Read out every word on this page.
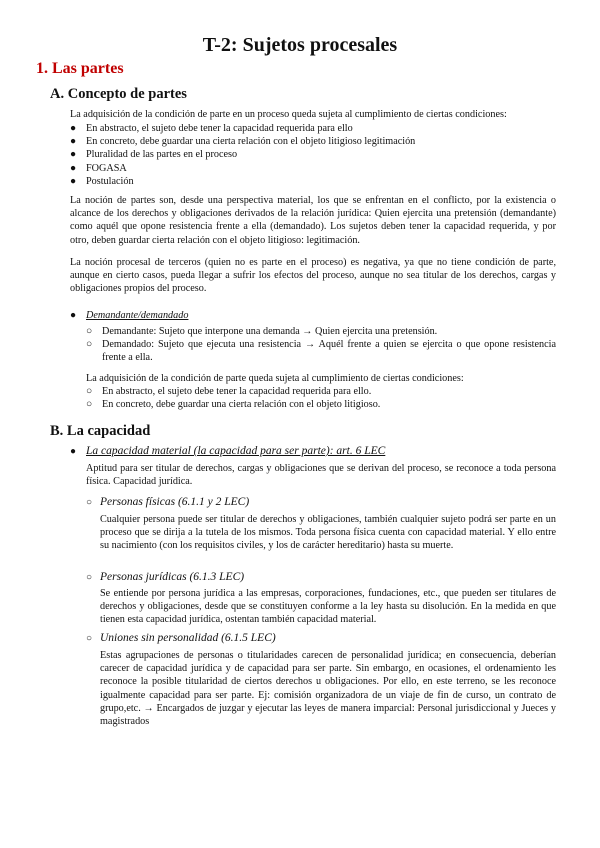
T-2: Sujetos procesales
1. Las partes
A. Concepto de partes
La adquisición de la condición de parte en un proceso queda sujeta al cumplimiento de ciertas condiciones:
● En abstracto, el sujeto debe tener la capacidad requerida para ello
● En concreto, debe guardar una cierta relación con el objeto litigioso legitimación
● Pluralidad de las partes en el proceso
● FOGASA
● Postulación
La noción de partes son, desde una perspectiva material, los que se enfrentan en el conflicto, por la existencia o alcance de los derechos y obligaciones derivados de la relación jurídica: Quien ejercita una pretensión (demandante) como aquél que opone resistencia frente a ella (demandado). Los sujetos deben tener la capacidad requerida, y por otro, deben guardar cierta relación con el objeto litigioso: legitimación.
La noción procesal de terceros (quien no es parte en el proceso) es negativa, ya que no tiene condición de parte, aunque en cierto casos, pueda llegar a sufrir los efectos del proceso, aunque no sea titular de los derechos, cargas y obligaciones propios del proceso.
● Demandante/demandado
○ Demandante: Sujeto que interpone una demanda → Quien ejercita una pretensión.
○ Demandado: Sujeto que ejecuta una resistencia → Aquél frente a quien se ejercita o que opone resistencia frente a ella.
La adquisición de la condición de parte queda sujeta al cumplimiento de ciertas condiciones:
○ En abstracto, el sujeto debe tener la capacidad requerida para ello.
○ En concreto, debe guardar una cierta relación con el objeto litigioso.
B. La capacidad
● La capacidad material (la capacidad para ser parte): art. 6 LEC
Aptitud para ser titular de derechos, cargas y obligaciones que se derivan del proceso, se reconoce a toda persona física. Capacidad jurídica.
○ Personas físicas (6.1.1 y 2 LEC)
Cualquier persona puede ser titular de derechos y obligaciones, también cualquier sujeto podrá ser parte en un proceso que se dirija a la tutela de los mismos. Toda persona física cuenta con capacidad material. Y ello entre su nacimiento (con los requisitos civiles, y los de carácter hereditario) hasta su muerte.
○ Personas jurídicas (6.1.3 LEC)
Se entiende por persona jurídica a las empresas, corporaciones, fundaciones, etc., que pueden ser titulares de derechos y obligaciones, desde que se constituyen conforme a la ley hasta su disolución. En la medida en que tienen esta capacidad jurídica, ostentan también capacidad material.
○ Uniones sin personalidad (6.1.5 LEC)
Estas agrupaciones de personas o titularidades carecen de personalidad jurídica; en consecuencia, deberían carecer de capacidad jurídica y de capacidad para ser parte. Sin embargo, en ocasiones, el ordenamiento les reconoce la posible titularidad de ciertos derechos u obligaciones. Por ello, en este terreno, se les reconoce igualmente capacidad para ser parte. Ej: comisión organizadora de un viaje de fin de curso, un contrato de grupo,etc. → Encargados de juzgar y ejecutar las leyes de manera imparcial: Personal jurisdiccional y Jueces y magistrados
